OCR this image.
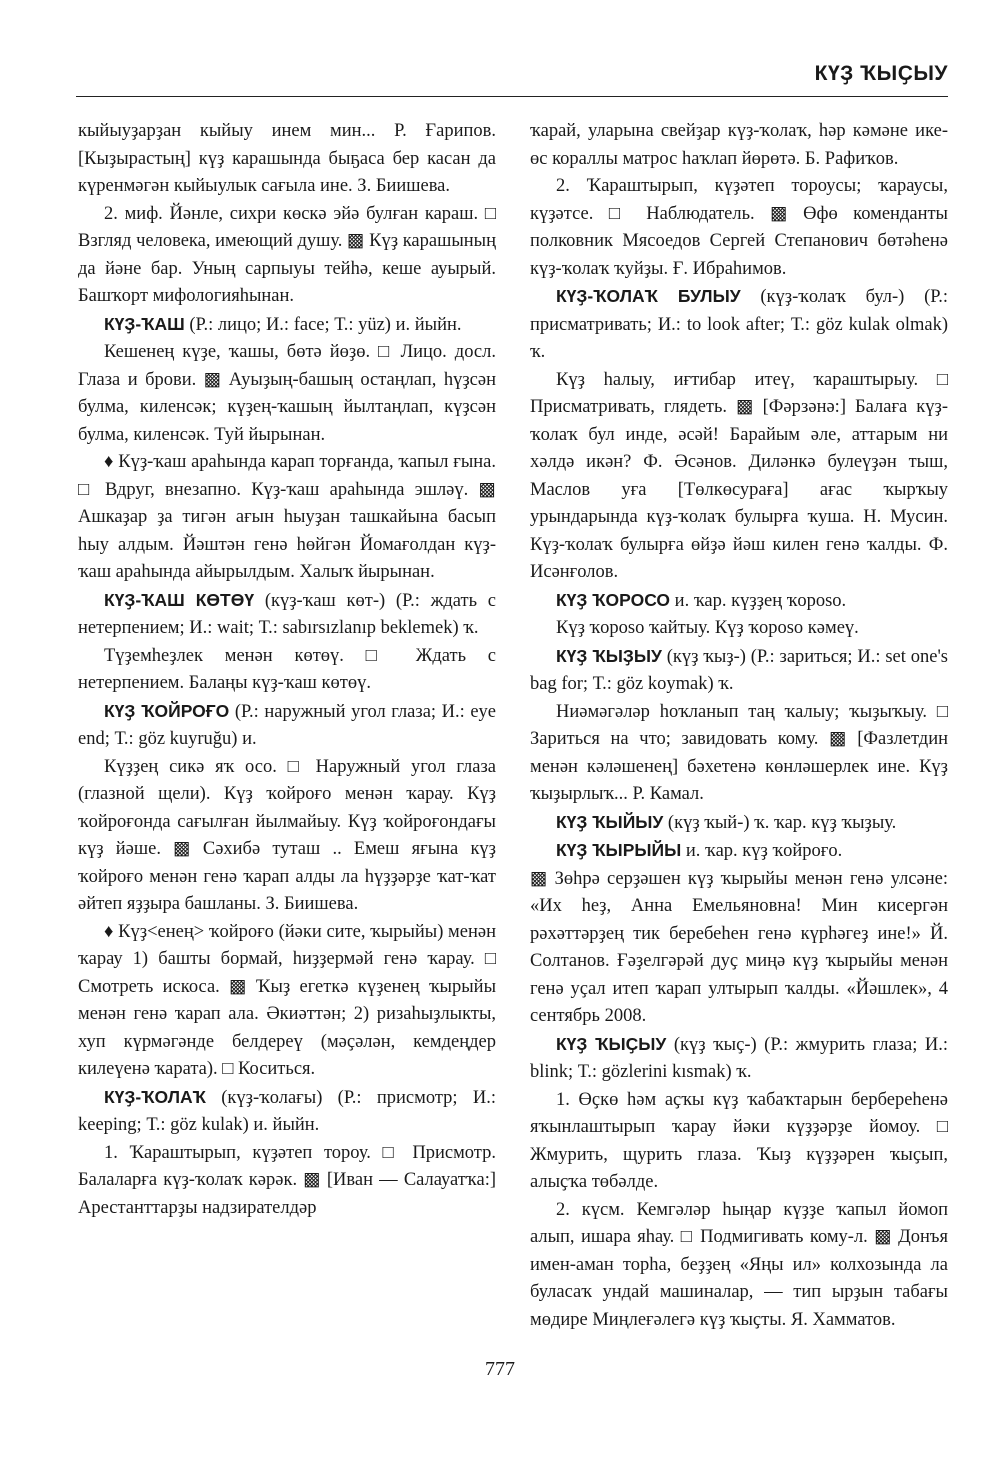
КҮҘ ҠЫҪЫУ

кыйыуҙарҙан кыйыу инем мин... Р. Ғарипов. [Кыҙырастың] күҙ карашында быҕаса бер касан да күренмәгән кыйыулык сағыла ине. З. Биишева.

2. миф. Йәнле, сихри көскә эйә булған караш. □ Взгляд человека, имеющий душу. ▩ Күҙ карашының да йәне бар. Уның сарпыуы тейһә, кеше ауырый. Башҡорт мифологияһынан.

КҮҘ-ҠАШ (Р.: лицо; И.: face; Т.: yüz) и. йыйн.

Кешенең күҙе, ҡашы, бөтә йөҙө. □ Лицо. досл. Глаза и брови. ▩ Ауыҙың-башың остаңлап, һүҙсән булма, киленсәк; күҙең-ҡашың йылтаңлап, күҙсән булма, киленсәк. Туй йырынан.

♦ Күҙ-ҡаш араһында карап торғанда, ҡапыл ғына. □ Вдруг, внезапно. Күҙ-ҡаш араһында эшләү. ▩ Ашкаҙар ҙа тигән ағын һыуҙан ташкайына басып һыу алдым. Йәштән генә һөйгән Йомағолдан күҙ-ҡаш араһында айырылдым. Халыҡ йырынан.

КҮҘ-ҠАШ КӨТӨҮ (күҙ-ҡаш көт-) (Р.: ждать с нетерпением; И.: wait; Т.: sabırsızlanıp beklemek) ҡ.

Түҙемһеҙлек менән көтөү. □ Ждать с нетерпением. Балаңы күҙ-ҡаш көтөү.

КҮҘ ҠОЙРОҒО (Р.: наружный угол глаза; И.: eye end; Т.: göz kuyruğu) и.

Күҙҙең сикә яҡ осо. □ Наружный угол глаза (глазной щели). Күҙ ҡойроғо менән ҡарау. Күҙ ҡойроғонда сағылған йылмайыу. Күҙ ҡойроғондағы күҙ йәше. ▩ Сәхибә туташ .. Емеш яғына күҙ ҡойроғо менән генә ҡарап алды ла һүҙҙәрҙе ҡат-ҡат әйтеп яҙҙыра башланы. З. Биишева.

♦ Күҙ<енең> ҡойроғо (йәки ситe, ҡырыйы) менән ҡарау 1) башты бормай, һиҙҙермәй генә ҡарау. □ Смотреть искоса. ▩ Ҡыҙ егеткә күҙенең ҡырыйы менән генә ҡарап ала. Әкиәттән; 2) ризаһыҙлыкты, хуп күрмәгәнде белдереү (мәҫәлән, кемдеңдер килеүенә ҡарата). □ Коситься.

КҮҘ-ҠОЛАҠ (күҙ-ҡолағы) (Р.: присмотр; И.: keeping; Т.: göz kulak) и. йыйн.

1. Ҡараштырып, күҙәтеп тороу. □ Присмотр. Балаларға күҙ-ҡолаҡ кәрәк. ▩ [Иван — Салауатҡа:] Арестанттарҙы надзирателдәр

ҡарай, уларына свейҙар күҙ-ҡолаҡ, һәр кәмәне ике-өс кораллы матрос һаҡлап йөрөтә. Б. Рафиҡов.

2. Ҡараштырып, күҙәтеп тороусы; ҡараусы, күҙәтсе. □ Наблюдатель. ▩ Өфө коменданты полковник Мясоедов Сергей Степанович бөтәһенә күҙ-ҡолаҡ ҡуйҙы. Ғ. Ибраһимов.

КҮҘ-ҠОЛАҠ БУЛЫУ (күҙ-ҡолаҡ бул-) (Р.: присматривать; И.: to look after; Т.: göz kulak olmak) ҡ.

Күҙ һалыу, иғтибар итеү, ҡараштырыу. □ Присматривать, глядеть. ▩ [Фәрзәнә:] Балаға күҙ-ҡолаҡ бул инде, әсәй! Барайым әле, аттарым ни хәлдә икән? Ф. Әсәнов. Диләнкә булеүҙән тыш, Маслов уға [Төлкөсурағa] ағас ҡырҡыу урындарында күҙ-ҡолаҡ булырға ҡуша. Н. Мусин. Күҙ-ҡолаҡ булырға өйҙә йәш килен генә ҡалды. Ф. Исәнғолов.

КҮҘ ҠОРОСО и. ҡар. күҙҙең ҡороso.

Күҙ ҡороso ҡайтыу. Күҙ ҡороso кәмеү.

КҮҘ ҠЫҘЫУ (күҙ ҡыҙ-) (Р.: зариться; И.: set one's bag for; Т.: göz koymak) ҡ.

Ниәмәгәләр һоҡланып таң ҡалыу; ҡыҙыҡыу. □ Зариться на что; завидовать кому. ▩ [Фазлетдин менән кәләшенең] бәхетенә көнләшерлек ине. Күҙ ҡыҙырлыҡ... Р. Камал.

КҮҘ ҠЫЙЫУ (күҙ ҡый-) ҡ. ҡар. күҙ ҡыҙыу.

КҮҘ ҠЫРЫЙЫ и. ҡар. күҙ ҡойроғо.

▩ Зөһрә серҙәшен күҙ ҡырыйы менән генә улсәне: «Их һеҙ, Анна Емельяновна! Мин кисергән рәхәттәрҙең тик беребеhен генә күрһәгеҙ ине!» Й. Солтанов. Ғәҙелгәрәй дуҫ миңә күҙ ҡырыйы менән генә уҫал итеп ҡарап ултырып ҡалды. «Йәшлек», 4 сентябрь 2008.

КҮҘ ҠЫҪЫУ (күҙ ҡыҫ-) (Р.: жмурить глаза; И.: blink; Т.: gözlerini kısmak) ҡ.

1. Өҫкө һәм аҫҡы күҙ ҡабаҡтарын берберeһенә яҡынлаштырып ҡарау йәки күҙҙәрҙе йомоу. □ Жмурить, щурить глаза. Ҡыҙ күҙҙәрен ҡыҫып, алыҫҡа төбәлде.

2. күсм. Кемгәләр һыңар күҙҙе ҡапыл йомоп алып, ишара яһау. □ Подмигивать кому-л. ▩ Донъя имен-аман торһа, беҙҙең «Яңы ил» колхозында ла буласаҡ ундай машиналар, — тип ырҙын табағы мөдире Миңлеғәлегә күҙ ҡыҫты. Я. Хамматов.

777
